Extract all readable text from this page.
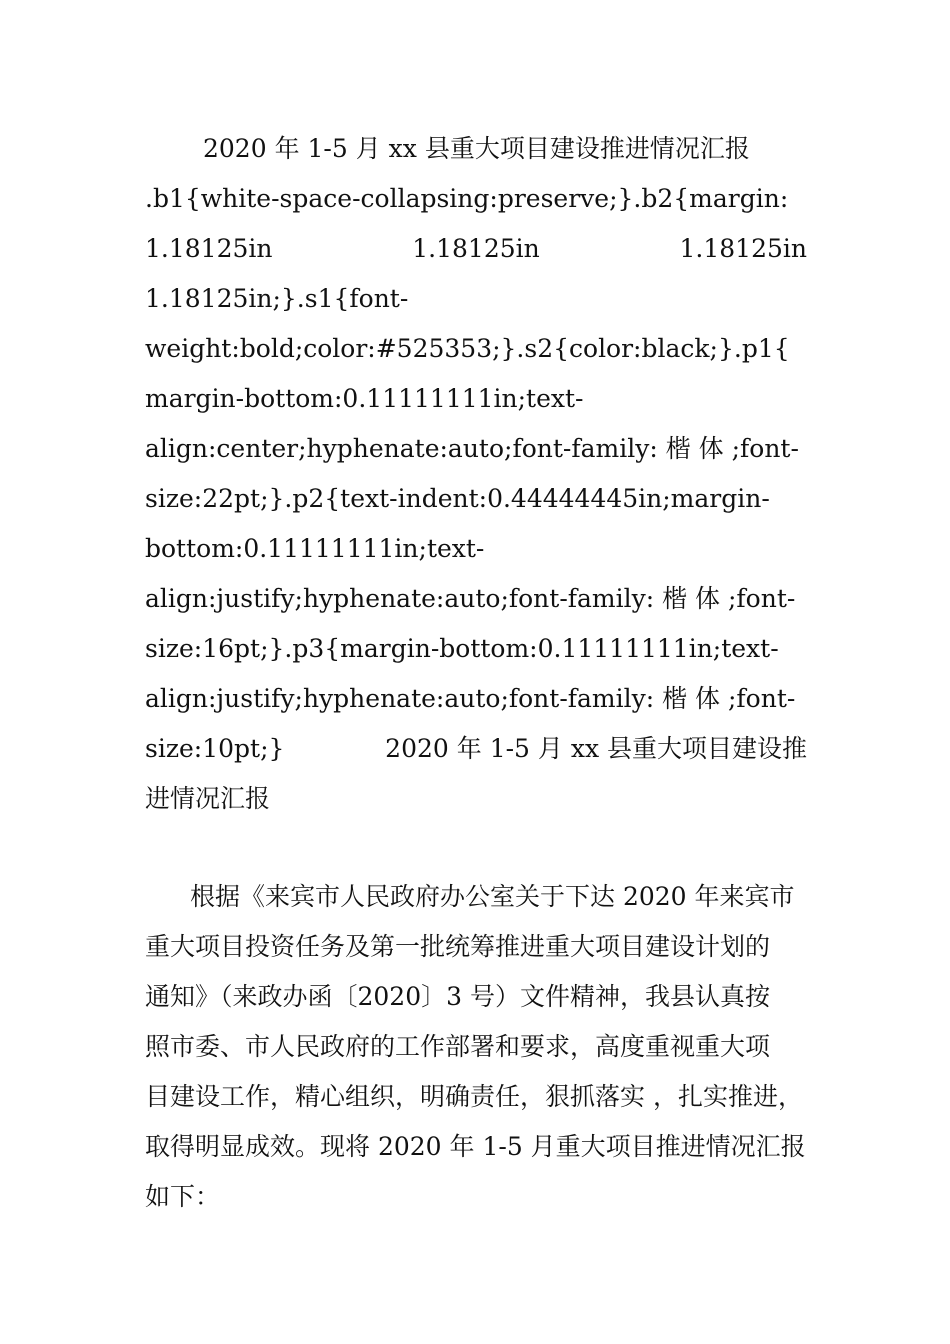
2020 年 1-5 月 xx 县重大项目建设推进情况汇报
.b1{white-space-collapsing:preserve;}.b2{margin:
1.18125in	1.18125in	1.18125in
1.18125in;}.s1{font-
weight:bold;color:#525353;}.s2{color:black;}.p1{
margin-bottom:0.11111111in;text-
align:center;hyphenate:auto;font-family: 楷 体 ;font-
size:22pt;}.p2{text-indent:0.44444445in;margin-
bottom:0.11111111in;text-
align:justify;hyphenate:auto;font-family: 楷 体 ;font-
size:16pt;}.p3{margin-bottom:0.11111111in;text-
align:justify;hyphenate:auto;font-family: 楷 体 ;font-
size:10pt;}	2020 年 1-5 月 xx 县重大项目建设推
进情况汇报
根据《来宾市人民政府办公室关于下达 2020 年来宾市
重大项目投资任务及第一批统筹推进重大项目建设计划的
通知》（来政办函〔2020〕3 号）文件精神，我县认真按
照市委、市人民政府的工作部署和要求，高度重视重大项
目建设工作，精心组织，明确责任，狠抓落实 ，扎实推进，
取得明显成效。现将 2020 年 1-5 月重大项目推进情况汇报
如下：
